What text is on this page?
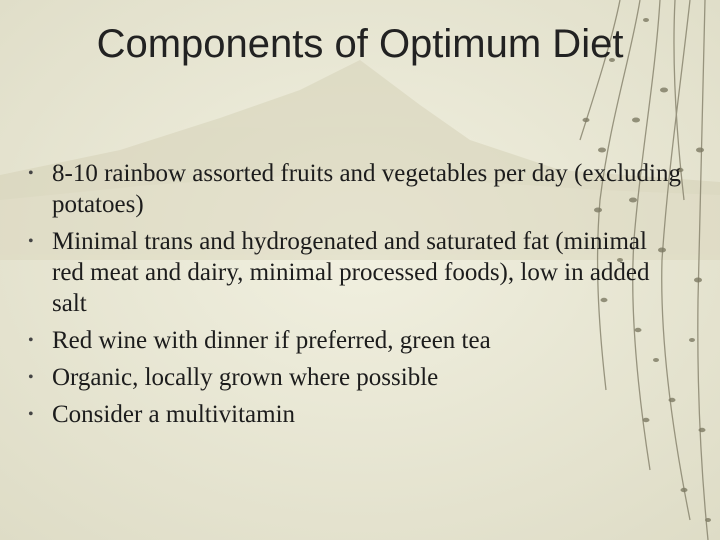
Components of Optimum Diet
• 8-10 rainbow assorted fruits and vegetables per day (excluding potatoes)
• Minimal trans and hydrogenated and saturated fat (minimal red meat and dairy, minimal processed foods), low in added salt
• Red wine with dinner if preferred, green tea
• Organic, locally grown where possible
• Consider a multivitamin
